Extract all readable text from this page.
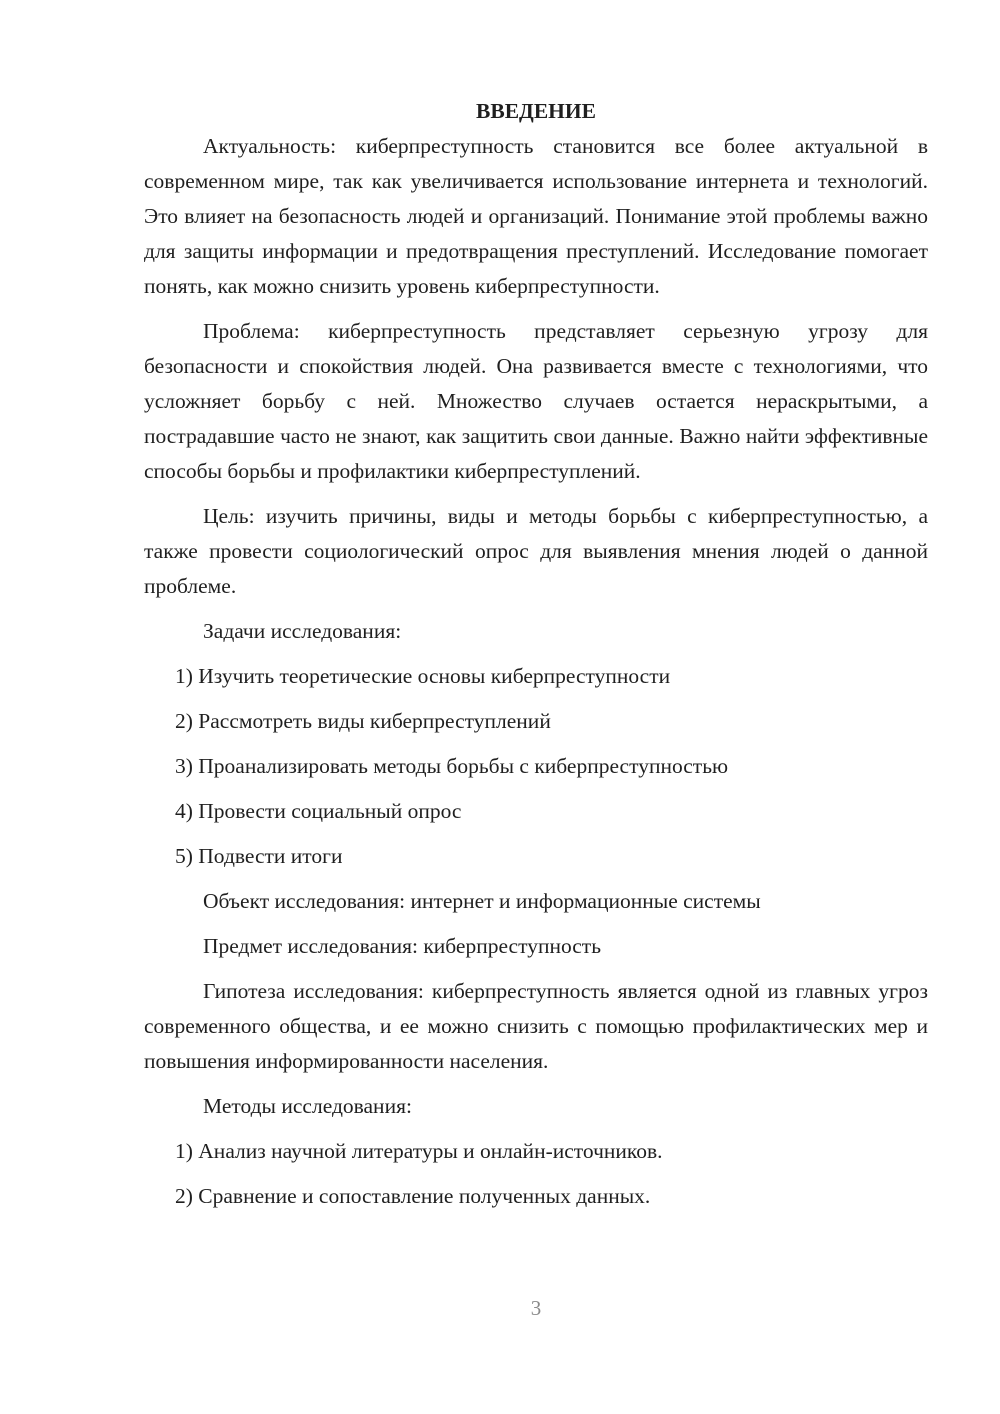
ВВЕДЕНИЕ

Актуальность: киберпреступность становится все более актуальной в современном мире, так как увеличивается использование интернета и технологий. Это влияет на безопасность людей и организаций. Понимание этой проблемы важно для защиты информации и предотвращения преступлений. Исследование помогает понять, как можно снизить уровень киберпреступности.

Проблема: киберпреступность представляет серьезную угрозу для безопасности и спокойствия людей. Она развивается вместе с технологиями, что усложняет борьбу с ней. Множество случаев остается нераскрытыми, а пострадавшие часто не знают, как защитить свои данные. Важно найти эффективные способы борьбы и профилактики киберпреступлений.

Цель: изучить причины, виды и методы борьбы с киберпреступностью, а также провести социологический опрос для выявления мнения людей о данной проблеме.

Задачи исследования:

1) Изучить теоретические основы киберпреступности

2) Рассмотреть виды киберпреступлений

3) Проанализировать методы борьбы с киберпреступностью

4) Провести социальный опрос

5) Подвести итоги

Объект исследования: интернет и информационные системы

Предмет исследования: киберпреступность

Гипотеза исследования: киберпреступность является одной из главных угроз современного общества, и ее можно снизить с помощью профилактических мер и повышения информированности населения.

Методы исследования:

1) Анализ научной литературы и онлайн-источников.

2) Сравнение и сопоставление полученных данных.

3
